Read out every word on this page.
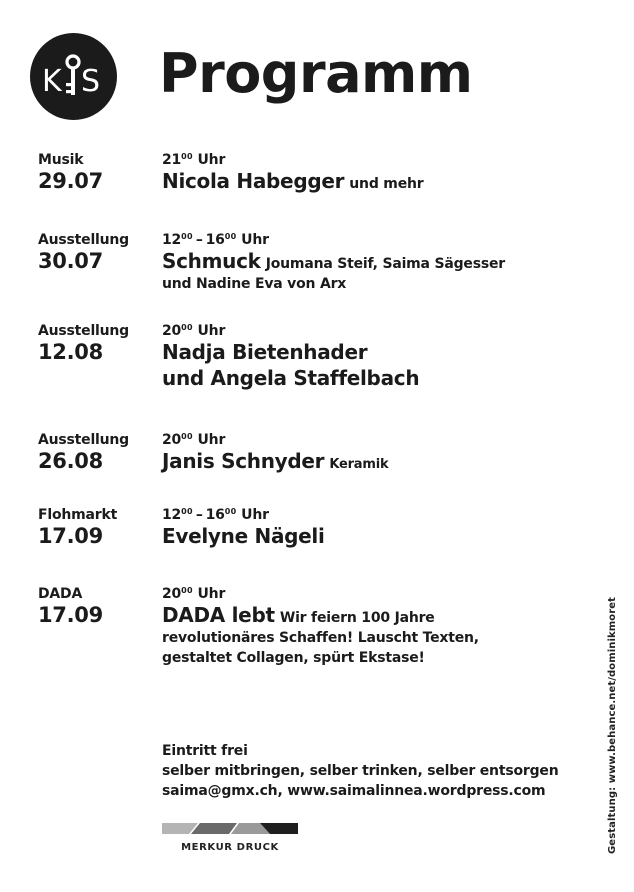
K S Programm
Musik
29.07
$21^{00}$ Uhr
Nicola Habegger und mehr
Ausstellung
30.07
$12^{00} - 16^{00}$ Uhr
Schmuck Joumana Steif, Saima Sägesser
und Nadine Eva von Arx
Ausstellung
12.08
$20^{00}$ Uhr
Nadja Bietenhader
und Angela Staffelbach
Ausstellung
26.08
$20^{00}$ Uhr
Janis Schnyder Keramik
Flohmarkt
17.09
$12^{00} - 16^{00}$ Uhr
Evelyne Nägeli
DADA
17.09
$20^{00}$ Uhr
DADA lebt Wir feiern 100 Jahre
revolutionäres Schaffen! Lauscht Texten,
gestaltet Collagen, spürt Ekstase!
Eintritt frei
selber mitbringen, selber trinken, selber entsorgen
saima@gmx.ch, www.saimalinnea.wordpress.com
MERKUR DRUCK	Gestaltung: www.behance.net/dominikmoret
